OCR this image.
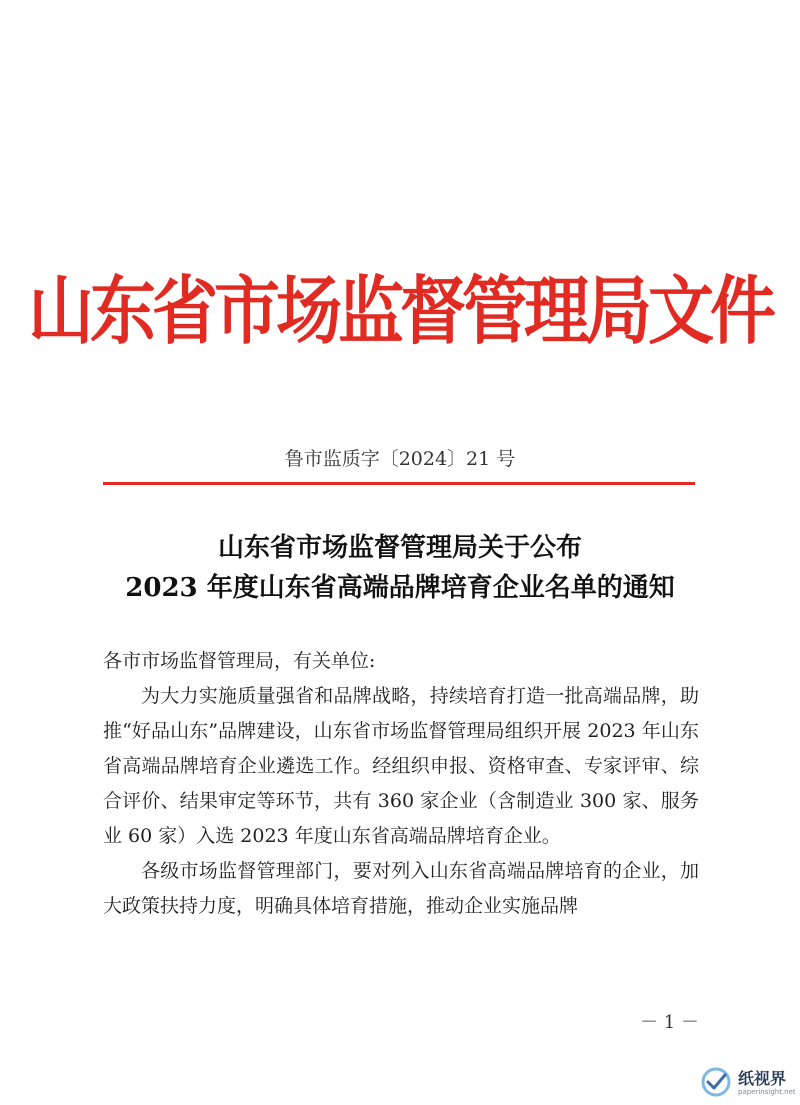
山东省市场监督管理局文件
鲁市监质字〔2024〕21 号
山东省市场监督管理局关于公布
2023 年度山东省高端品牌培育企业名单的通知

各市市场监督管理局，有关单位:

为大力实施质量强省和品牌战略，持续培育打造一批高端品牌，助推“好品山东”品牌建设，山东省市场监督管理局组织开展 2023 年山东省高端品牌培育企业遴选工作。经组织申报、资格审查、专家评审、综合评价、结果审定等环节，共有 360 家企业（含制造业 300 家、服务业 60 家）入选 2023 年度山东省高端品牌培育企业。

各级市场监督管理部门，要对列入山东省高端品牌培育的企业，加大政策扶持力度，明确具体培育措施，推动企业实施品牌

－ 1 －
纸视界
paperinsight.net
